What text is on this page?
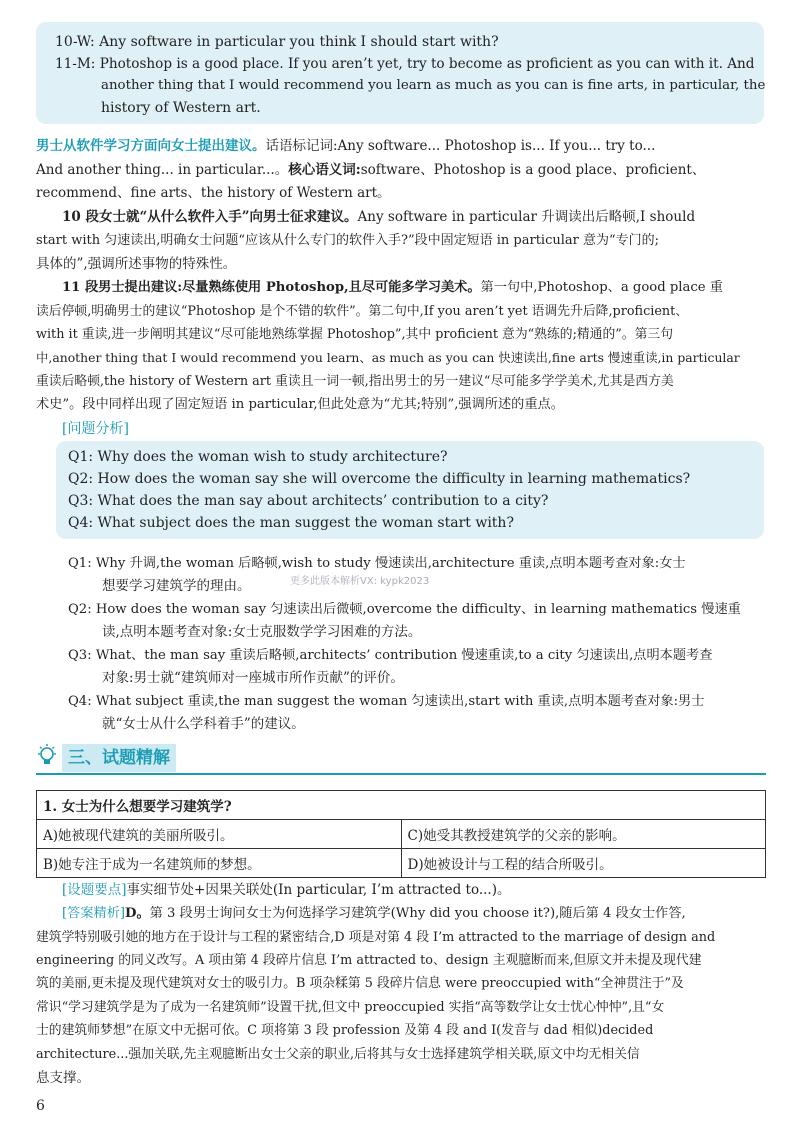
10-W: Any software in particular you think I should start with?
11-M: Photoshop is a good place. If you aren’t yet, try to become as proficient as you can with it. And
another thing that I would recommend you learn as much as you can is fine arts, in particular, the
history of Western art.
男士从软件学习方面向女士提出建议。话语标记词:Any software... Photoshop is... If you... try to...
And another thing... in particular...。核心语义词:software、Photoshop is a good place、proficient、
recommend、fine arts、the history of Western art。
10 段女士就“从什么软件入手”向男士征求建议。Any software in particular 升调读出后略顿,I should
start with 匀速读出,明确女士问题“应该从什么专门的软件入手?”段中固定短语 in particular 意为“专门的;
具体的”,强调所述事物的特殊性。
11 段男士提出建议:尽量熟练使用 Photoshop,且尽可能多学习美术。第一句中,Photoshop、a good place 重
读后停顿,明确男士的建议“Photoshop 是个不错的软件”。第二句中,If you aren’t yet 语调先升后降,proficient、
with it 重读,进一步阐明其建议“尽可能地熟练掌握 Photoshop”,其中 proficient 意为“熟练的;精通的”。第三句
中,another thing that I would recommend you learn、as much as you can 快速读出,fine arts 慢速重读,in particular
重读后略顿,the history of Western art 重读且一词一顿,指出男士的另一建议“尽可能多学学美术,尤其是西方美
术史”。段中同样出现了固定短语 in particular,但此处意为“尤其;特别”,强调所述的重点。
[问题分析]
Q1: Why does the woman wish to study architecture?
Q2: How does the woman say she will overcome the difficulty in learning mathematics?
Q3: What does the man say about architects’ contribution to a city?
Q4: What subject does the man suggest the woman start with?
Q1: Why 升调,the woman 后略顿,wish to study 慢速读出,architecture 重读,点明本题考查对象:女士
想要学习建筑学的理由。	更多此版本解析VX: kypk2023
Q2: How does the woman say 匀速读出后微顿,overcome the difficulty、in learning mathematics 慢速重
读,点明本题考查对象:女士克服数学学习困难的方法。
Q3: What、the man say 重读后略顿,architects’ contribution 慢速重读,to a city 匀速读出,点明本题考查
对象:男士就“建筑师对一座城市所作贡献”的评价。
Q4: What subject 重读,the man suggest the woman 匀速读出,start with 重读,点明本题考查对象:男士
就“女士从什么学科着手”的建议。
三、试题精解
1. 女士为什么想要学习建筑学?	
A)她被现代建筑的美丽所吸引。	C)她受其教授建筑学的父亲的影响。
B)她专注于成为一名建筑师的梦想。	D)她被设计与工程的结合所吸引。
[设题要点]事实细节处+因果关联处(In particular, I’m attracted to...)。
[答案精析]D。第 3 段男士询问女士为何选择学习建筑学(Why did you choose it?),随后第 4 段女士作答,
建筑学特别吸引她的地方在于设计与工程的紧密结合,D 项是对第 4 段 I’m attracted to the marriage of design and
engineering 的同义改写。A 项由第 4 段碎片信息 I’m attracted to、design 主观臆断而来,但原文并未提及现代建
筑的美丽,更未提及现代建筑对女士的吸引力。B 项杂糅第 5 段碎片信息 were preoccupied with“全神贯注于”及
常识“学习建筑学是为了成为一名建筑师”设置干扰,但文中 preoccupied 实指“高等数学让女士忧心忡忡”,且“女
士的建筑师梦想”在原文中无据可依。C 项将第 3 段 profession 及第 4 段 and I(发音与 dad 相似)decided
architecture...强加关联,先主观臆断出女士父亲的职业,后将其与女士选择建筑学相关联,原文中均无相关信
息支撑。
6
